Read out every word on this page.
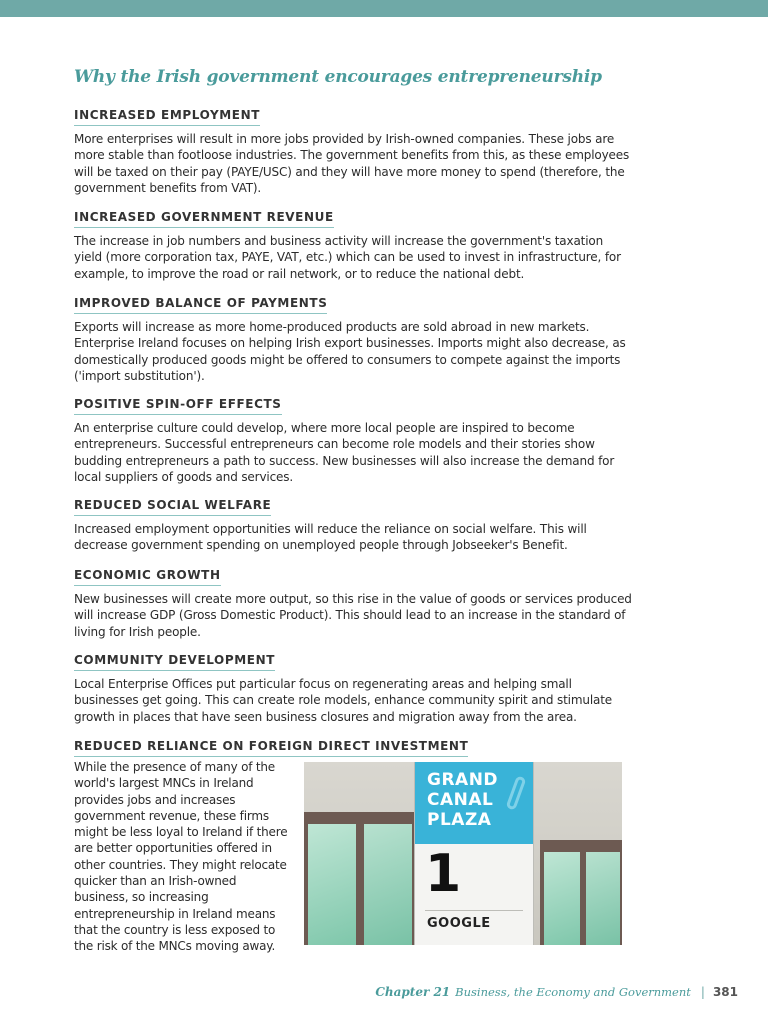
Why the Irish government encourages entrepreneurship
INCREASED EMPLOYMENT

More enterprises will result in more jobs provided by Irish-owned companies. These jobs are more stable than footloose industries. The government benefits from this, as these employees will be taxed on their pay (PAYE/USC) and they will have more money to spend (therefore, the government benefits from VAT).

INCREASED GOVERNMENT REVENUE

The increase in job numbers and business activity will increase the government's taxation yield (more corporation tax, PAYE, VAT, etc.) which can be used to invest in infrastructure, for example, to improve the road or rail network, or to reduce the national debt.

IMPROVED BALANCE OF PAYMENTS

Exports will increase as more home-produced products are sold abroad in new markets. Enterprise Ireland focuses on helping Irish export businesses. Imports might also decrease, as domestically produced goods might be offered to consumers to compete against the imports ('import substitution').

POSITIVE SPIN-OFF EFFECTS

An enterprise culture could develop, where more local people are inspired to become entrepreneurs. Successful entrepreneurs can become role models and their stories show budding entrepreneurs a path to success. New businesses will also increase the demand for local suppliers of goods and services.

REDUCED SOCIAL WELFARE

Increased employment opportunities will reduce the reliance on social welfare. This will decrease government spending on unemployed people through Jobseeker's Benefit.

ECONOMIC GROWTH

New businesses will create more output, so this rise in the value of goods or services produced will increase GDP (Gross Domestic Product). This should lead to an increase in the standard of living for Irish people.

COMMUNITY DEVELOPMENT

Local Enterprise Offices put particular focus on regenerating areas and helping small businesses get going. This can create role models, enhance community spirit and stimulate growth in places that have seen business closures and migration away from the area.

REDUCED RELIANCE ON FOREIGN DIRECT INVESTMENT

While the presence of many of the world's largest MNCs in Ireland provides jobs and increases government revenue, these firms might be less loyal to Ireland if there are better opportunities offered in other countries. They might relocate quicker than an Irish-owned business, so increasing entrepreneurship in Ireland means that the country is less exposed to the risk of the MNCs moving away.

GRAND CANAL PLAZA
1
GOOGLE
Chapter 21 Business, the Economy and Government | 381
